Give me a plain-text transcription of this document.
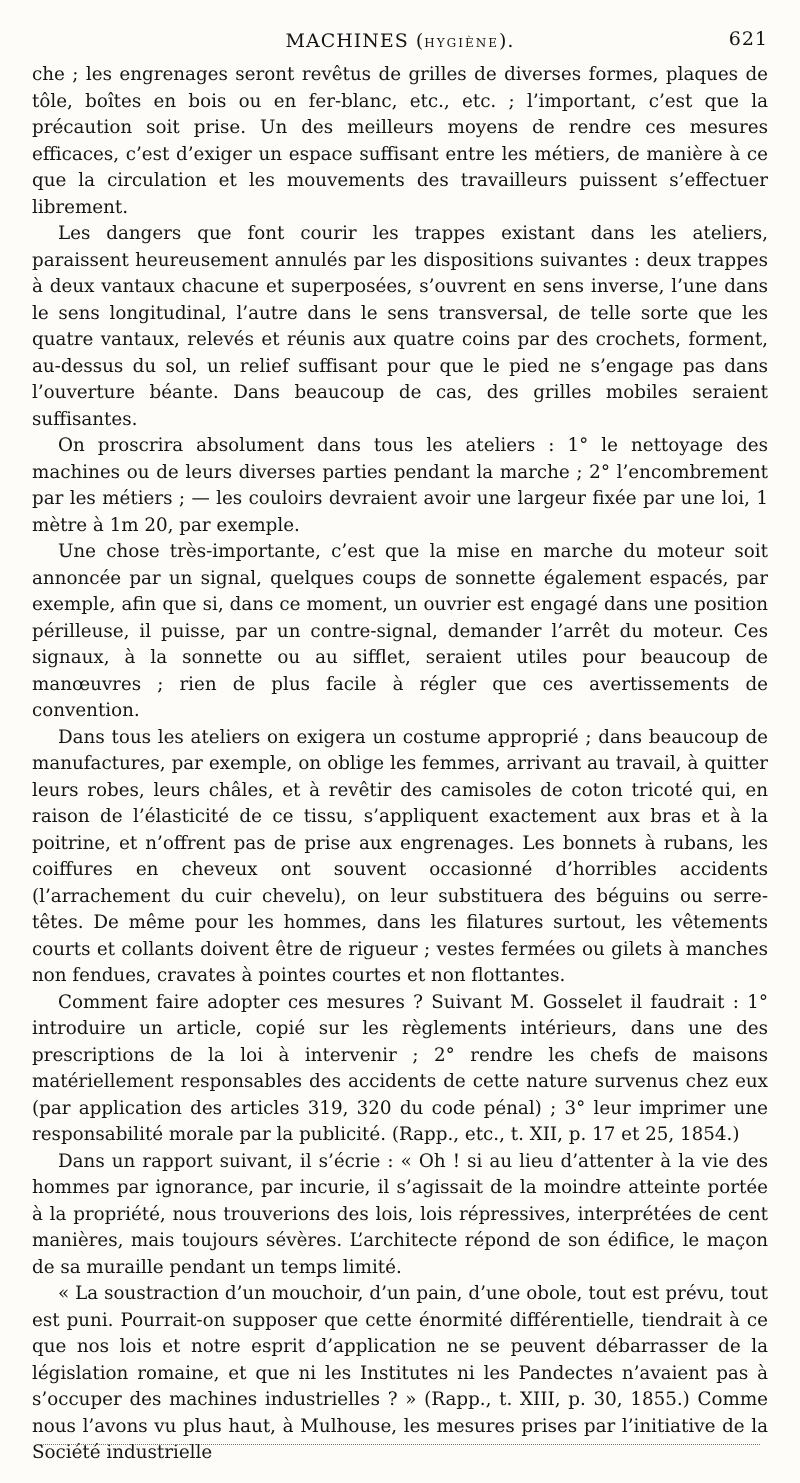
MACHINES (HYGIÈNE).	621

che ; les engrenages seront revêtus de grilles de diverses formes, plaques de tôle, boîtes en bois ou en fer-blanc, etc., etc. ; l’important, c’est que la précaution soit prise. Un des meilleurs moyens de rendre ces mesures efficaces, c’est d’exiger un espace suffisant entre les métiers, de manière à ce que la circulation et les mouvements des travailleurs puissent s’effectuer librement.

Les dangers que font courir les trappes existant dans les ateliers, paraissent heureusement annulés par les dispositions suivantes : deux trappes à deux vantaux chacune et superposées, s’ouvrent en sens inverse, l’une dans le sens longitudinal, l’autre dans le sens transversal, de telle sorte que les quatre vantaux, relevés et réunis aux quatre coins par des crochets, forment, au-dessus du sol, un relief suffisant pour que le pied ne s’engage pas dans l’ouverture béante. Dans beaucoup de cas, des grilles mobiles seraient suffisantes.

On proscrira absolument dans tous les ateliers : 1° le nettoyage des machines ou de leurs diverses parties pendant la marche ; 2° l’encombrement par les métiers ; — les couloirs devraient avoir une largeur fixée par une loi, 1 mètre à 1m 20, par exemple.

Une chose très-importante, c’est que la mise en marche du moteur soit annoncée par un signal, quelques coups de sonnette également espacés, par exemple, afin que si, dans ce moment, un ouvrier est engagé dans une position périlleuse, il puisse, par un contre-signal, demander l’arrêt du moteur. Ces signaux, à la sonnette ou au sifflet, seraient utiles pour beaucoup de manœuvres ; rien de plus facile à régler que ces avertissements de convention.

Dans tous les ateliers on exigera un costume approprié ; dans beaucoup de manufactures, par exemple, on oblige les femmes, arrivant au travail, à quitter leurs robes, leurs châles, et à revêtir des camisoles de coton tricoté qui, en raison de l’élasticité de ce tissu, s’appliquent exactement aux bras et à la poitrine, et n’offrent pas de prise aux engrenages. Les bonnets à rubans, les coiffures en cheveux ont souvent occasionné d’horribles accidents (l’arrachement du cuir chevelu), on leur substituera des béguins ou serre-têtes. De même pour les hommes, dans les filatures surtout, les vêtements courts et collants doivent être de rigueur ; vestes fermées ou gilets à manches non fendues, cravates à pointes courtes et non flottantes.

Comment faire adopter ces mesures ? Suivant M. Gosselet il faudrait : 1° introduire un article, copié sur les règlements intérieurs, dans une des prescriptions de la loi à intervenir ; 2° rendre les chefs de maisons matériellement responsables des accidents de cette nature survenus chez eux (par application des articles 319, 320 du code pénal) ; 3° leur imprimer une responsabilité morale par la publicité. (Rapp., etc., t. XII, p. 17 et 25, 1854.)

Dans un rapport suivant, il s’écrie : « Oh ! si au lieu d’attenter à la vie des hommes par ignorance, par incurie, il s’agissait de la moindre atteinte portée à la propriété, nous trouverions des lois, lois répressives, interprétées de cent manières, mais toujours sévères. L’architecte répond de son édifice, le maçon de sa muraille pendant un temps limité.

« La soustraction d’un mouchoir, d’un pain, d’une obole, tout est prévu, tout est puni. Pourrait-on supposer que cette énormité différentielle, tiendrait à ce que nos lois et notre esprit d’application ne se peuvent débarrasser de la législation romaine, et que ni les Institutes ni les Pandectes n’avaient pas à s’occuper des machines industrielles ? » (Rapp., t. XIII, p. 30, 1855.) Comme nous l’avons vu plus haut, à Mulhouse, les mesures prises par l’initiative de la Société industrielle
